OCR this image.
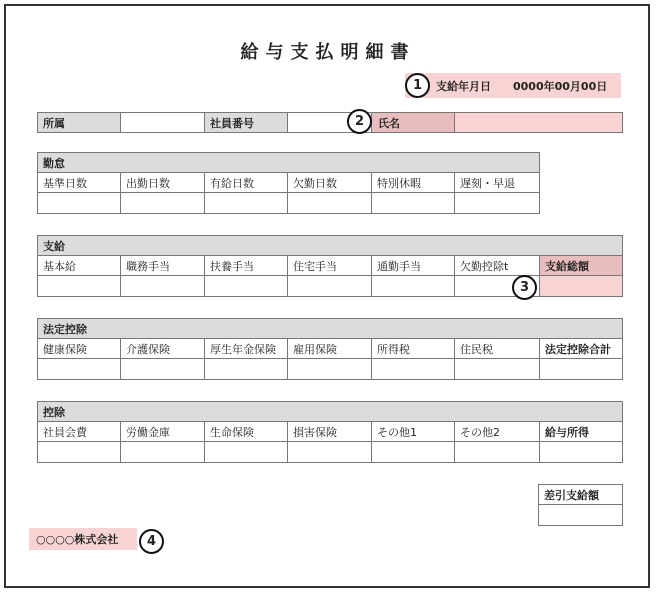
給与支払明細書
支給年月日 0000年00月00日
1
所属		社員番号		氏名	
2
勤怠					
基準日数	出勤日数	有給日数	欠勤日数	特別休暇	遅刻・早退

支給						
基本給	職務手当	扶養手当	住宅手当	通勤手当	欠勤控除t	支給総額

3
法定控除						
健康保険	介護保険	厚生年金保険	雇用保険	所得税	住民税	法定控除合計

控除						
社員会費	労働金庫	生命保険	損害保険	その他1	その他2	給与所得

差引支給額

○○○○株式会社	4
